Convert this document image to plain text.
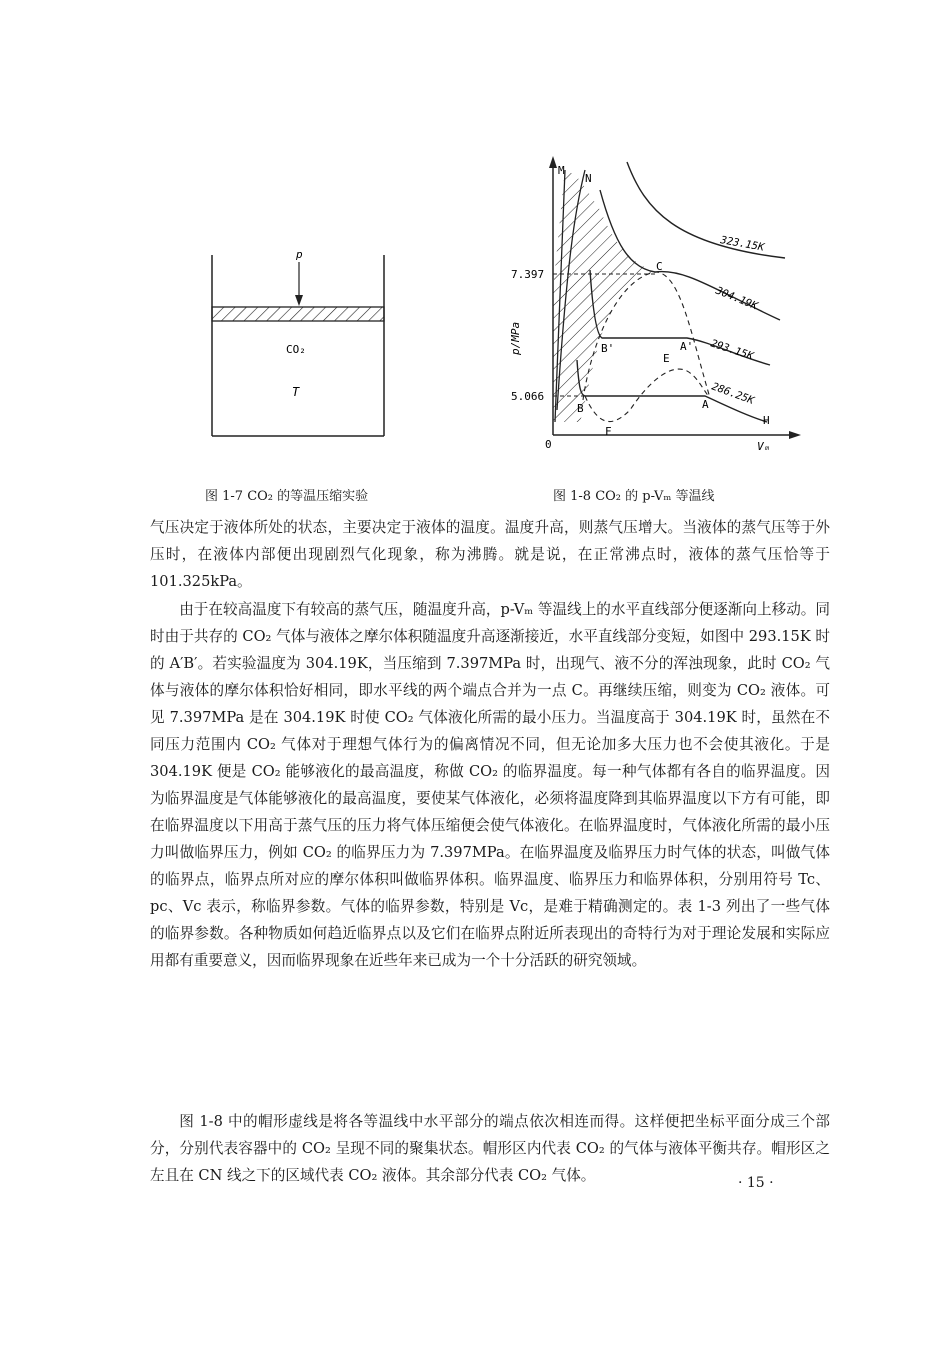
p
CO₂
T
7.397
5.066
0
p/MPa
Vₘ
M
N
C
B'	A'
E
B	A
F
H
323.15K
304.19K
293.15K
286.25K
图 1-7 CO₂ 的等温压缩实验	图 1-8 CO₂ 的 p-Vₘ 等温线

气压决定于液体所处的状态，主要决定于液体的温度。温度升高，则蒸气压增大。当液体的蒸气压等于外压时，在液体内部便出现剧烈气化现象，称为沸腾。就是说，在正常沸点时，液体的蒸气压恰等于 101.325kPa。

由于在较高温度下有较高的蒸气压，随温度升高，p-Vₘ 等温线上的水平直线部分便逐渐向上移动。同时由于共存的 CO₂ 气体与液体之摩尔体积随温度升高逐渐接近，水平直线部分变短，如图中 293.15K 时的 A′B′。若实验温度为 304.19K，当压缩到 7.397MPa 时，出现气、液不分的浑浊现象，此时 CO₂ 气体与液体的摩尔体积恰好相同，即水平线的两个端点合并为一点 C。再继续压缩，则变为 CO₂ 液体。可见 7.397MPa 是在 304.19K 时使 CO₂ 气体液化所需的最小压力。当温度高于 304.19K 时，虽然在不同压力范围内 CO₂ 气体对于理想气体行为的偏离情况不同，但无论加多大压力也不会使其液化。于是 304.19K 便是 CO₂ 能够液化的最高温度，称做 CO₂ 的临界温度。每一种气体都有各自的临界温度。因为临界温度是气体能够液化的最高温度，要使某气体液化，必须将温度降到其临界温度以下方有可能，即在临界温度以下用高于蒸气压的压力将气体压缩便会使气体液化。在临界温度时，气体液化所需的最小压力叫做临界压力，例如 CO₂ 的临界压力为 7.397MPa。在临界温度及临界压力时气体的状态，叫做气体的临界点，临界点所对应的摩尔体积叫做临界体积。临界温度、临界压力和临界体积，分别用符号 Tc、pc、Vc 表示，称临界参数。气体的临界参数，特别是 Vc，是难于精确测定的。表 1-3 列出了一些气体的临界参数。各种物质如何趋近临界点以及它们在临界点附近所表现出的奇特行为对于理论发展和实际应用都有重要意义，因而临界现象在近些年来已成为一个十分活跃的研究领域。

图 1-8 中的帽形虚线是将各等温线中水平部分的端点依次相连而得。这样便把坐标平面分成三个部分，分别代表容器中的 CO₂ 呈现不同的聚集状态。帽形区内代表 CO₂ 的气体与液体平衡共存。帽形区之左且在 CN 线之下的区域代表 CO₂ 液体。其余部分代表 CO₂ 气体。	· 15 ·
